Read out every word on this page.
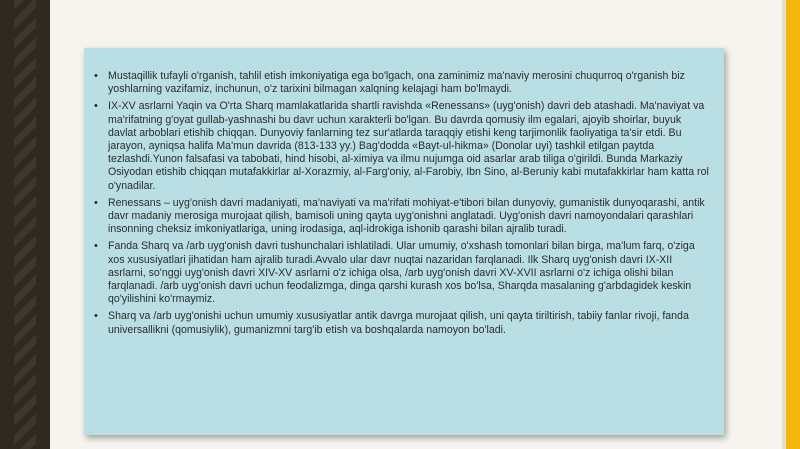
• Mustaqillik tufayli o'rganish, tahlil etish imkoniyatiga ega bo'lgach, ona zaminimiz ma'naviy merosini chuqurroq o'rganish biz yoshlarning vazifamiz, inchunun, o'z tarixini bilmagan xalqning kelajagi ham bo'lmaydi.
• IX-XV asrlarni Yaqin va O'rta Sharq mamlakatlarida shartli ravishda «Renessans» (uyg'onish) davri deb atashadi. Ma'naviyat va ma'rifatning g'oyat gullab-yashnashi bu davr uchun xarakterli bo'lgan. Bu davrda qomusiy ilm egalari, ajoyib shoirlar, buyuk davlat arboblari etishib chiqqan. Dunyoviy fanlarning tez sur'atlarda taraqqiy etishi keng tarjimonlik faoliyatiga ta'sir etdi. Bu jarayon, ayniqsa halifa Ma'mun davrida (813-133 yy.) Bag'dodda «Bayt-ul-hikma» (Donolar uyi) tashkil etilgan paytda tezlashdi.Yunon falsafasi va tabobati, hind hisobi, al-ximiya va ilmu nujumga oid asarlar arab tiliga o'girildi. Bunda Markaziy Osiyodan etishib chiqqan mutafakkirlar al-Xorazmiy, al-Farg'oniy, al-Farobiy, Ibn Sino, al-Beruniy kabi mutafakkirlar ham katta rol o'ynadilar.
• Renessans – uyg'onish davri madaniyati, ma'naviyati va ma'rifati mohiyat-e'tibori bilan dunyoviy, gumanistik dunyoqarashi, antik davr madaniy merosiga murojaat qilish, bamisoli uning qayta uyg'onishni anglatadi. Uyg'onish davri namoyondalari qarashlari insonning cheksiz imkoniyatlariga, uning irodasiga, aql-idrokiga ishonib qarashi bilan ajralib turadi.
• Fanda Sharq va /arb uyg'onish davri tushunchalari ishlatiladi. Ular umumiy, o'xshash tomonlari bilan birga, ma'lum farq, o'ziga xos xususiyatlari jihatidan ham ajralib turadi.Avvalo ular davr nuqtai nazaridan farqlanadi. Ilk Sharq uyg'onish davri IX-XII asrlarni, so'nggi uyg'onish davri XIV-XV asrlarni o'z ichiga olsa, /arb uyg'onish davri XV-XVII asrlarni o'z ichiga olishi bilan farqlanadi. /arb uyg'onish davri uchun feodalizmga, dinga qarshi kurash xos bo'lsa, Sharqda masalaning g'arbdagidek keskin qo'yilishini ko'rmaymiz.
• Sharq va /arb uyg'onishi uchun umumiy xususiyatlar antik davrga murojaat qilish, uni qayta tiriltirish, tabiiy fanlar rivoji, fanda universallikni (qomusiylik), gumanizmni targ'ib etish va boshqalarda namoyon bo'ladi.
